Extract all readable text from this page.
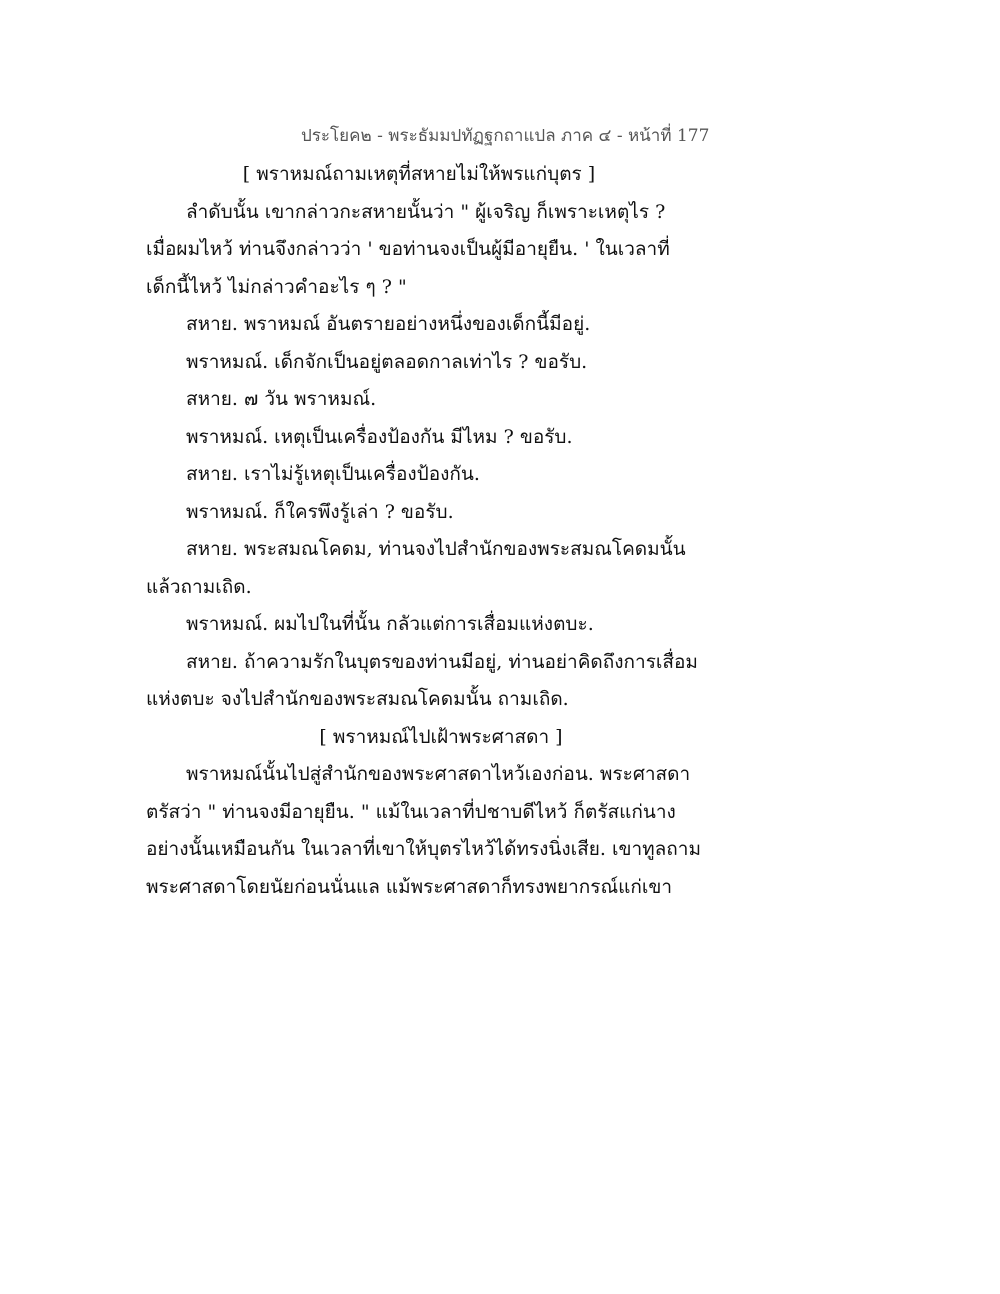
ประโยค๒ - พระธัมมปทัฏฐกถาแปล ภาค ๔ - หน้าที่ 177
[ พราหมณ์ถามเหตุที่สหายไม่ให้พรแก่บุตร ]
ลำดับนั้น เขากล่าวกะสหายนั้นว่า " ผู้เจริญ ก็เพราะเหตุไร ?
เมื่อผมไหว้ ท่านจึงกล่าวว่า ' ขอท่านจงเป็นผู้มีอายุยืน. ' ในเวลาที่
เด็กนี้ไหว้ ไม่กล่าวคำอะไร ๆ ? "
สหาย. พราหมณ์ อันตรายอย่างหนึ่งของเด็กนี้มีอยู่.
พราหมณ์. เด็กจักเป็นอยู่ตลอดกาลเท่าไร ? ขอรับ.
สหาย. ๗ วัน พราหมณ์.
พราหมณ์. เหตุเป็นเครื่องป้องกัน มีไหม ? ขอรับ.
สหาย. เราไม่รู้เหตุเป็นเครื่องป้องกัน.
พราหมณ์. ก็ใครพึงรู้เล่า ? ขอรับ.
สหาย. พระสมณโคดม, ท่านจงไปสำนักของพระสมณโคดมนั้น
แล้วถามเถิด.
พราหมณ์. ผมไปในที่นั้น กลัวแต่การเสื่อมแห่งตบะ.
สหาย. ถ้าความรักในบุตรของท่านมีอยู่, ท่านอย่าคิดถึงการเสื่อม
แห่งตบะ จงไปสำนักของพระสมณโคดมนั้น ถามเถิด.
[ พราหมณ์ไปเฝ้าพระศาสดา ]
พราหมณ์นั้นไปสู่สำนักของพระศาสดาไหว้เองก่อน. พระศาสดา
ตรัสว่า " ท่านจงมีอายุยืน. " แม้ในเวลาที่ปชาบดีไหว้ ก็ตรัสแก่นาง
อย่างนั้นเหมือนกัน ในเวลาที่เขาให้บุตรไหว้ได้ทรงนิ่งเสีย. เขาทูลถาม
พระศาสดาโดยนัยก่อนนั่นแล แม้พระศาสดาก็ทรงพยากรณ์แก่เขา
